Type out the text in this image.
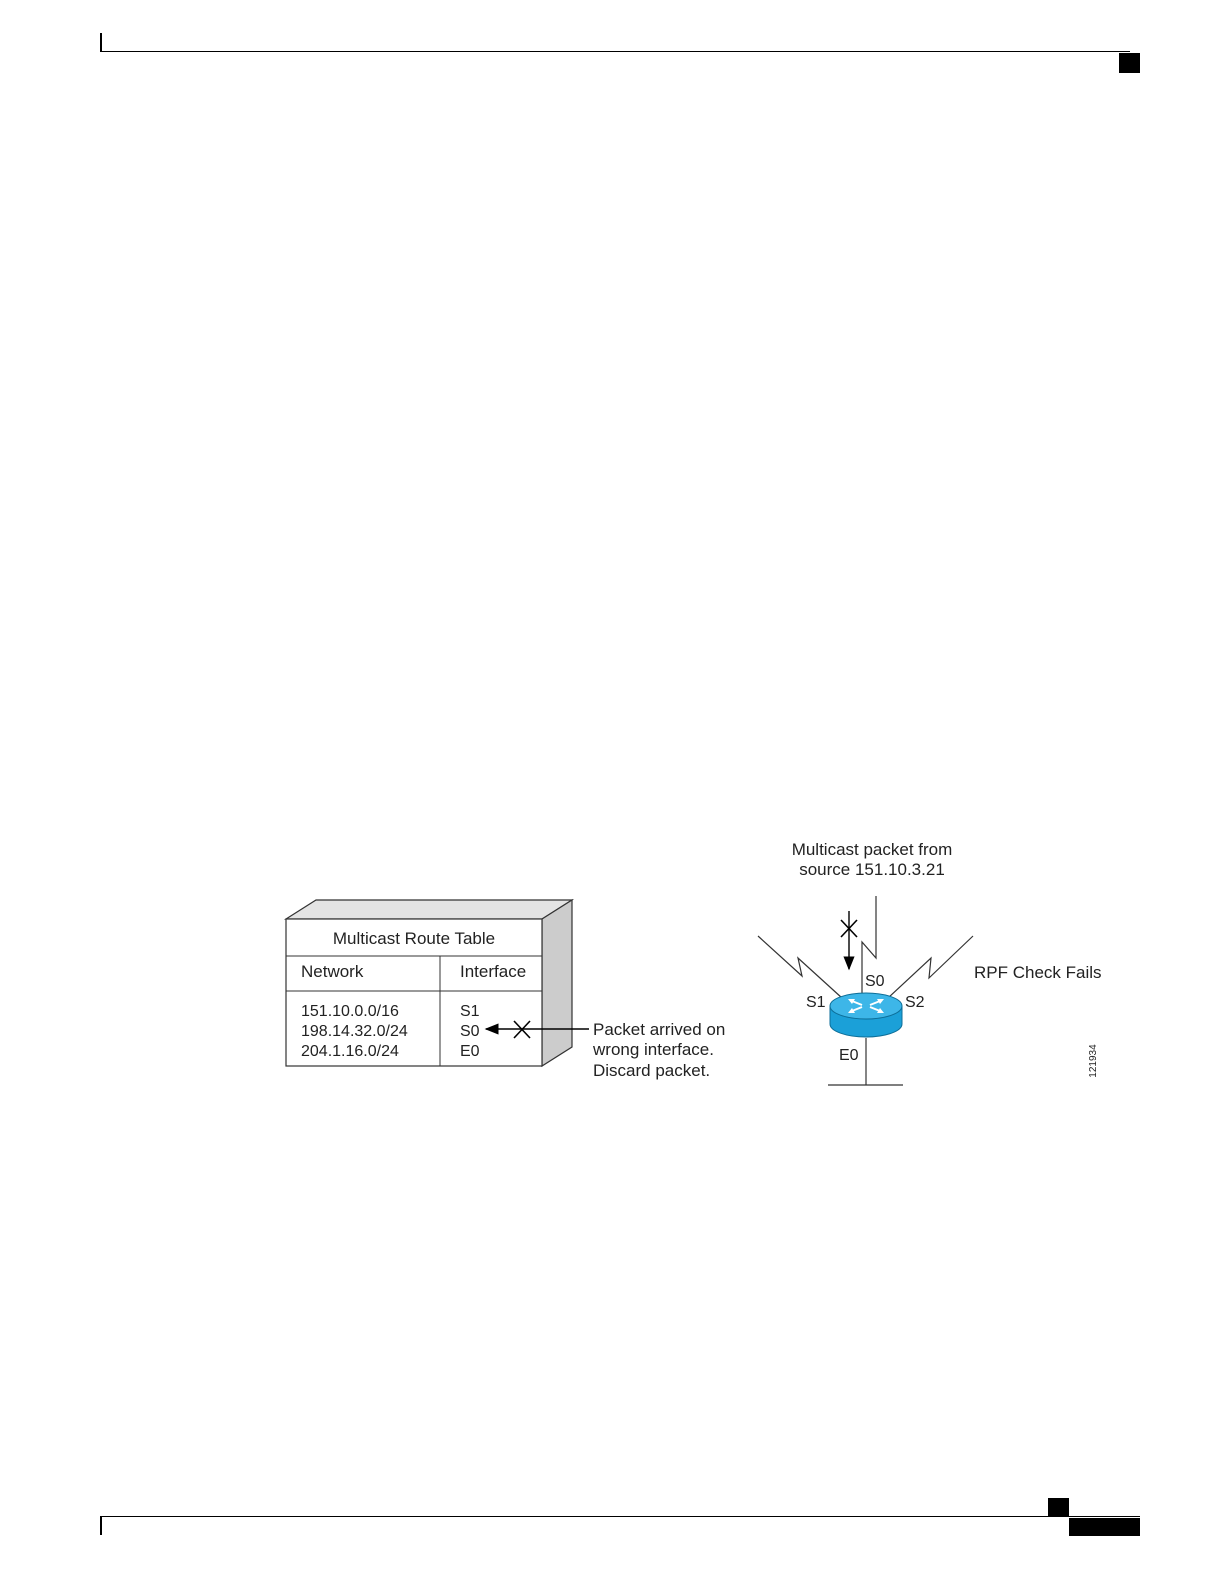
Multicast Route Table
Network	Interface
151.10.0.0/16	S1
198.14.32.0/24	S0
204.1.16.0/24	E0
Packet arrived on
wrong interface.
Discard packet.
Multicast packet from
source 151.10.3.21
S0
S1	S2
E0
RPF Check Fails
121934
